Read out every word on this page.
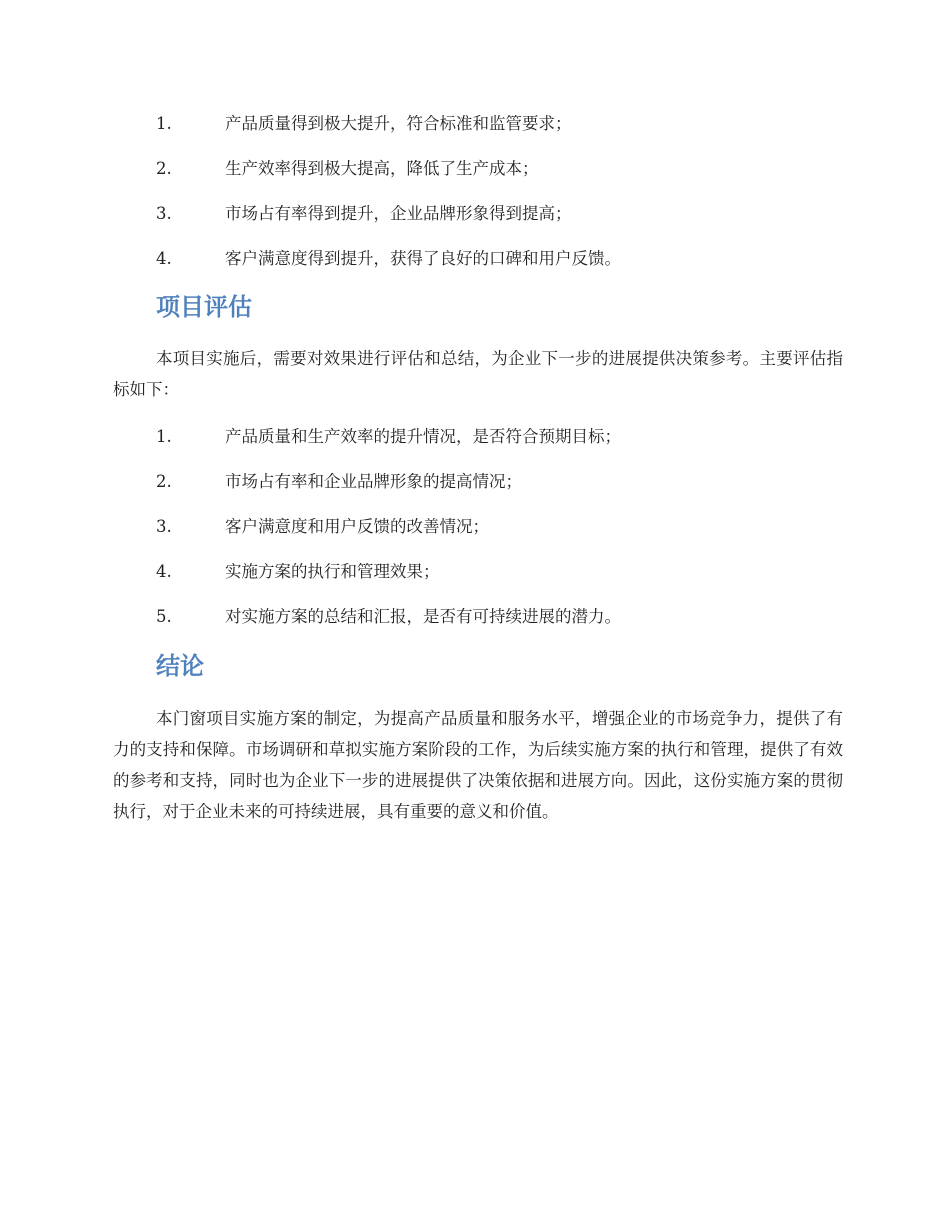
1.	产品质量得到极大提升，符合标准和监管要求；
2.	生产效率得到极大提高，降低了生产成本；
3.	市场占有率得到提升，企业品牌形象得到提高；
4.	客户满意度得到提升，获得了良好的口碑和用户反馈。
项目评估

本项目实施后，需要对效果进行评估和总结，为企业下一步的进展提供决策参考。主要评估指标如下：

1.	产品质量和生产效率的提升情况，是否符合预期目标；
2.	市场占有率和企业品牌形象的提高情况；
3.	客户满意度和用户反馈的改善情况；
4.	实施方案的执行和管理效果；
5.	对实施方案的总结和汇报，是否有可持续进展的潜力。
结论

本门窗项目实施方案的制定，为提高产品质量和服务水平，增强企业的市场竞争力，提供了有力的支持和保障。市场调研和草拟实施方案阶段的工作，为后续实施方案的执行和管理，提供了有效的参考和支持，同时也为企业下一步的进展提供了决策依据和进展方向。因此，这份实施方案的贯彻执行，对于企业未来的可持续进展，具有重要的意义和价值。
